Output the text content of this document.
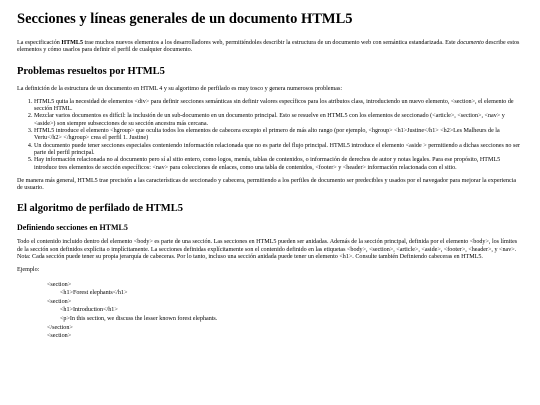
Secciones y líneas generales de un documento HTML5

La especificación HTML5 trae muchos nuevos elementos a los desarrolladores web, permitiéndoles describir la estructura de un documento web con semántica estandarizada. Este documento describe estos elementos y cómo usarlos para definir el perfil de cualquier documento.

Problemas resueltos por HTML5

La definición de la estructura de un documento en HTML 4 y su algoritmo de perfilado es muy tosco y genera numerosos problemas:

1. HTML5 quita la necesidad de elementos <div> para definir secciones semánticas sin definir valores específicos para los atributos class, introduciendo un nuevo elemento, <section>, el elemento de sección HTML.
2. Mezclar varios documentos es difícil: la inclusión de un sub-documento en un documento principal. Esto se resuelve en HTML5 con los elementos de seccionado (<article>, <section>, <nav> y <aside>) son siempre subsecciones de su sección ancestra más cercana.
3. HTML5 introduce el elemento <hgroup> que oculta todos los elementos de cabecera excepto el primero de más alto rango (por ejemplo, <hgroup> <h1>Justine</h1> <h2>Les Malheurs de la Vertu</h2> </hgroup> crea el perfil 1. Justine)
4. Un documento puede tener secciones especiales conteniendo información relacionada que no es parte del flujo principal. HTML5 introduce el elemento <aside > permitiendo a dichas secciones no ser parte del perfil principal.
5. Hay información relacionada no al documento pero sí al sitio entero, como logos, menús, tablas de contenidos, o información de derechos de autor y notas legales. Para ese propósito, HTML5 introduce tres elementos de sección específicos: <nav> para colecciones de enlaces, como una tabla de contenidos, <footer> y <header> información relacionada con el sitio.

De manera más general, HTML5 trae precisión a las características de seccionado y cabecera, permitiendo a los perfiles de documento ser predecibles y usados por el navegador para mejorar la experiencia de usuario.

El algoritmo de perfilado de HTML5
Definiendo secciones en HTML5

Todo el contenido incluido dentro del elemento <body> es parte de una sección. Las secciones en HTML5 pueden ser anidadas. Además de la sección principal, definida por el elemento <body>, los límites de la sección son definidos explícita o implícitamente. La secciones definidas explícitamente son el contenido definido en las etiquetas <body>, <section>, <article>, <aside>, <footer>, <header>, y <nav>. Nota: Cada sección puede tener su propia jerarquía de cabeceras. Por lo tanto, incluso una sección anidada puede tener un elemento <h1>. Consulte también Definiendo cabeceras en HTML5.

Ejemplo:

<section>
<h1>Forest elephants</h1>
<section>
<h1>Introduction</h1>
<p>In this section, we discuss the lesser known forest elephants.
</section>
<section>
